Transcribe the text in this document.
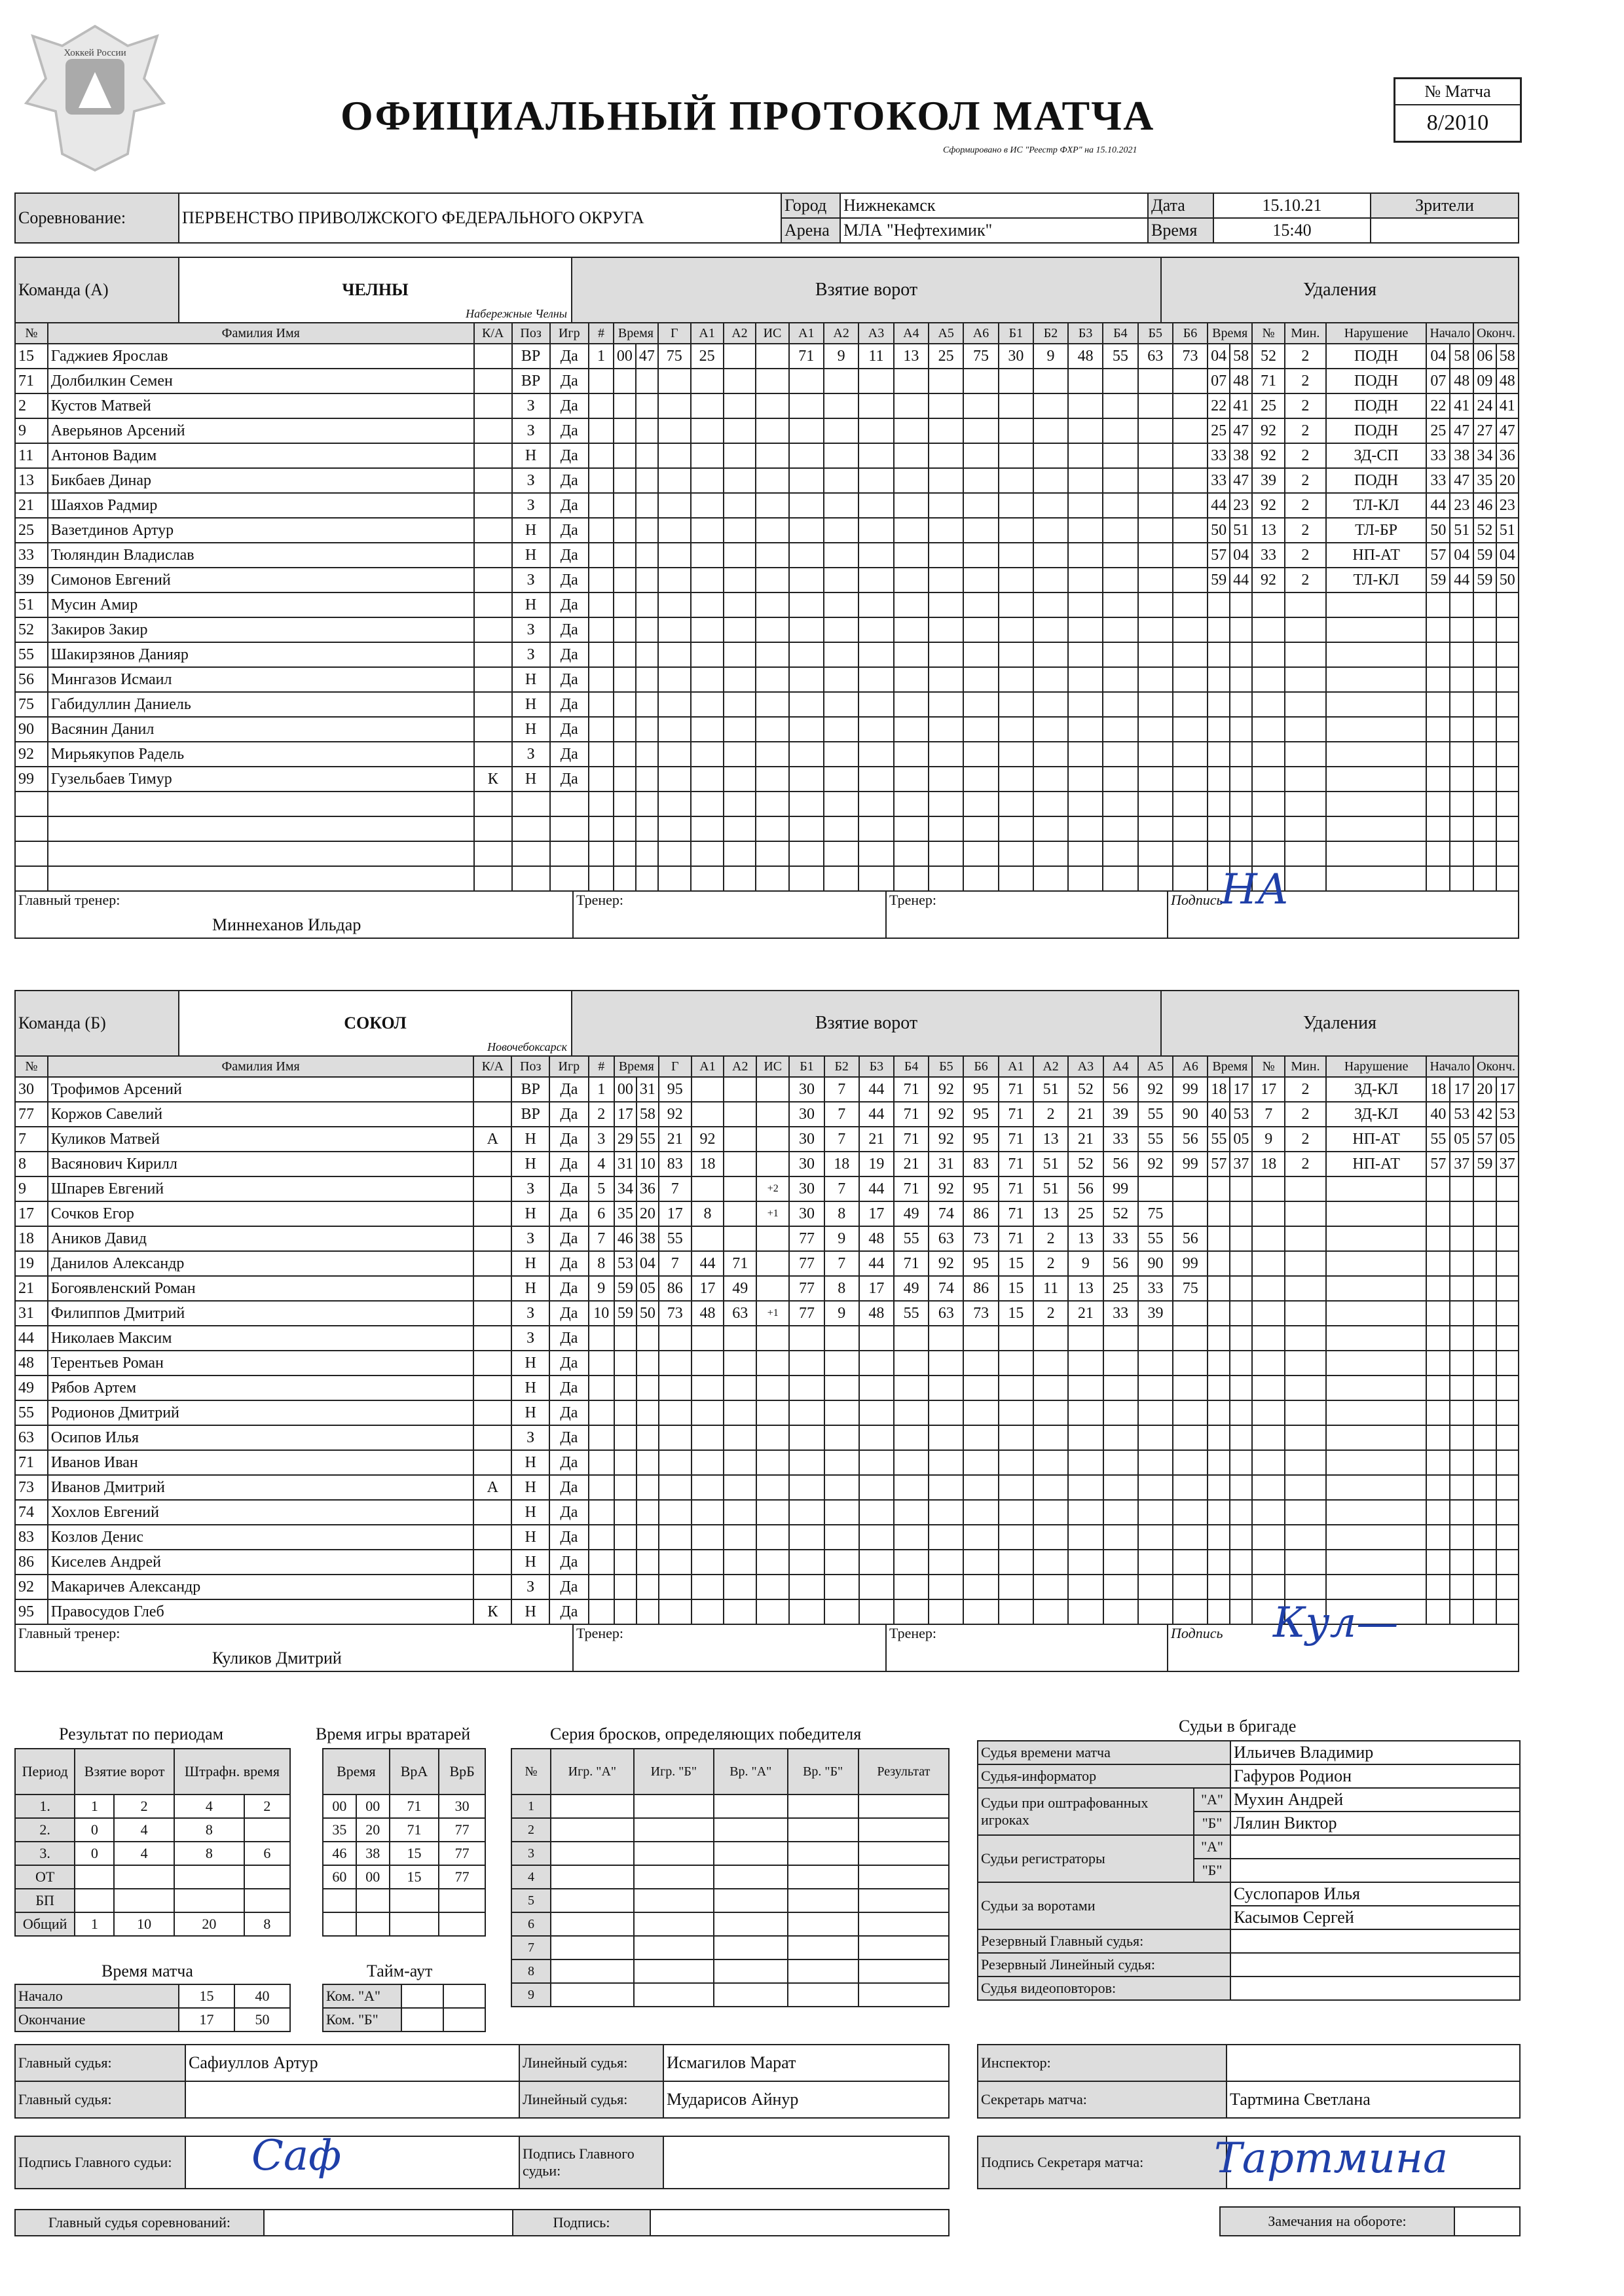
Хоккей России
ОФИЦИАЛЬНЫЙ ПРОТОКОЛ МАТЧА
Сформировано в ИС "Реестр ФХР" на 15.10.2021
№ Матча
8/2010
Соревнование:	ПЕРВЕНСТВО ПРИВОЛЖСКОГО ФЕДЕРАЛЬНОГО ОКРУГА	Город	Нижнекамск	Дата	15.10.21	Зрители
		Арена	МЛА "Нефтехимик"	Время	15:40	
Команда (А)	ЧЕЛНЫ
Набережные Челны
	Взятие ворот	Удаления
№	Фамилия Имя	К/А	Поз	Игр	#	Время		Г	А1	А2	ИС	А1	А2	А3	А4	А5	А6	Б1	Б2	Б3	Б4	Б5	Б6	Время		№	Мин.	Нарушение	Начало		Оконч.	
15	Гаджиев Ярослав		ВР	Да	1	00	47	75	25			71	9	11	13	25	75	30	9	48	55	63	73	04	58	52	2	ПОДН	04	58	06	58
71	Долбилкин Семен		ВР	Да																				07	48	71	2	ПОДН	07	48	09	48
2	Кустов Матвей		З	Да																				22	41	25	2	ПОДН	22	41	24	41
9	Аверьянов Арсений		З	Да																				25	47	92	2	ПОДН	25	47	27	47
11	Антонов Вадим		Н	Да																				33	38	92	2	ЗД-СП	33	38	34	36
13	Бикбаев Динар		З	Да																				33	47	39	2	ПОДН	33	47	35	20
21	Шаяхов Радмир		З	Да																				44	23	92	2	ТЛ-КЛ	44	23	46	23
25	Вазетдинов Артур		Н	Да																				50	51	13	2	ТЛ-БР	50	51	52	51
33	Тюляндин Владислав		Н	Да																				57	04	33	2	НП-АТ	57	04	59	04
39	Симонов Евгений		З	Да																				59	44	92	2	ТЛ-КЛ	59	44	59	50
51	Мусин Амир		Н	Да																												
52	Закиров Закир		З	Да																												
55	Шакирзянов Данияр		З	Да																												
56	Мингазов Исмаил		Н	Да																												
75	Габидуллин Даниель		Н	Да																												
90	Васянин Данил		Н	Да																												
92	Мирьякупов Радель		З	Да																												
99	Гузельбаев Тимур	К	Н	Да																												

Главный тренер:
Миннеханов Ильдар
	Тренер:	Тренер:	Подпись
НА
Команда (Б)	СОКОЛ
Новочебоксарск
	Взятие ворот	Удаления
№	Фамилия Имя	К/А	Поз	Игр	#	Время		Г	А1	А2	ИС	Б1	Б2	Б3	Б4	Б5	Б6	А1	А2	А3	А4	А5	А6	Время		№	Мин.	Нарушение	Начало		Оконч.	
30	Трофимов Арсений		ВР	Да	1	00	31	95				30	7	44	71	92	95	71	51	52	56	92	99	18	17	17	2	ЗД-КЛ	18	17	20	17
77	Коржов Савелий		ВР	Да	2	17	58	92				30	7	44	71	92	95	71	2	21	39	55	90	40	53	7	2	ЗД-КЛ	40	53	42	53
7	Куликов Матвей	А	Н	Да	3	29	55	21	92			30	7	21	71	92	95	71	13	21	33	55	56	55	05	9	2	НП-АТ	55	05	57	05
8	Васянович Кирилл		Н	Да	4	31	10	83	18			30	18	19	21	31	83	71	51	52	56	92	99	57	37	18	2	НП-АТ	57	37	59	37
9	Шпарев Евгений		З	Да	5	34	36	7			+2	30	7	44	71	92	95	71	51	56	99											
17	Сочков Егор		Н	Да	6	35	20	17	8		+1	30	8	17	49	74	86	71	13	25	52	75										
18	Аников Давид		З	Да	7	46	38	55				77	9	48	55	63	73	71	2	13	33	55	56									
19	Данилов Александр		Н	Да	8	53	04	7	44	71		77	7	44	71	92	95	15	2	9	56	90	99									
21	Богоявленский Роман		Н	Да	9	59	05	86	17	49		77	8	17	49	74	86	15	11	13	25	33	75									
31	Филиппов Дмитрий		З	Да	10	59	50	73	48	63	+1	77	9	48	55	63	73	15	2	21	33	39										
44	Николаев Максим		З	Да																												
48	Терентьев Роман		Н	Да																												
49	Рябов Артем		Н	Да																												
55	Родионов Дмитрий		Н	Да																												
63	Осипов Илья		З	Да																												
71	Иванов Иван		Н	Да																												
73	Иванов Дмитрий	А	Н	Да																												
74	Хохлов Евгений		Н	Да																												
83	Козлов Денис		Н	Да																												
86	Киселев Андрей		Н	Да																												
92	Макаричев Александр		З	Да																												
95	Правосудов Глеб	К	Н	Да																												
Главный тренер:
Куликов Дмитрий
	Тренер:	Тренер:	Подпись Кул—
Результат по периодам
Период	Взятие ворот		Штрафн. время	
1.	1	2	4	2
2.	0	4	8	
3.	0	4	8	6
ОТ				
БП				
Общий	1	10	20	8
Время матча
Начало	15	40
Окончание	17	50
Время игры вратарей
Время		ВрА	ВрБ
00	00	71	30
35	20	71	77
46	38	15	77
60	00	15	77

Тайм-аут
Ком. "А"		
Ком. "Б"		
Серия бросков, определяющих победителя
№	Игр. "А"	Игр. "Б"	Вр. "А"	Вр. "Б"	Результат
1					
2					
3					
4					
5					
6					
7					
8					
9					
Судьи в бригаде
Судья времени матча		Ильичев Владимир
Судья-информатор		Гафуров Родион
Судьи при оштрафованных игроках	"А"	Мухин Андрей
	"Б"	Лялин Виктор
Судьи регистраторы	"А"	
	"Б"	
Судьи за воротами		Суслопаров Илья
		Касымов Сергей
Резервный Главный судья:		
Резервный Линейный судья:		
Судья видеоповторов:		
Главный судья:	Сафиуллов Артур	Линейный судья:	Исмагилов Марат
Главный судья:		Линейный судья:	Мударисов Айнур
Инспектор:	
Секретарь матча:	Тартмина Светлана
Подпись Главного судьи:	Саф	Подпись Главного судьи:	
Подпись Секретаря матча:	Тартмина
Главный судья соревнований:		Подпись:		Замечания на обороте:	
